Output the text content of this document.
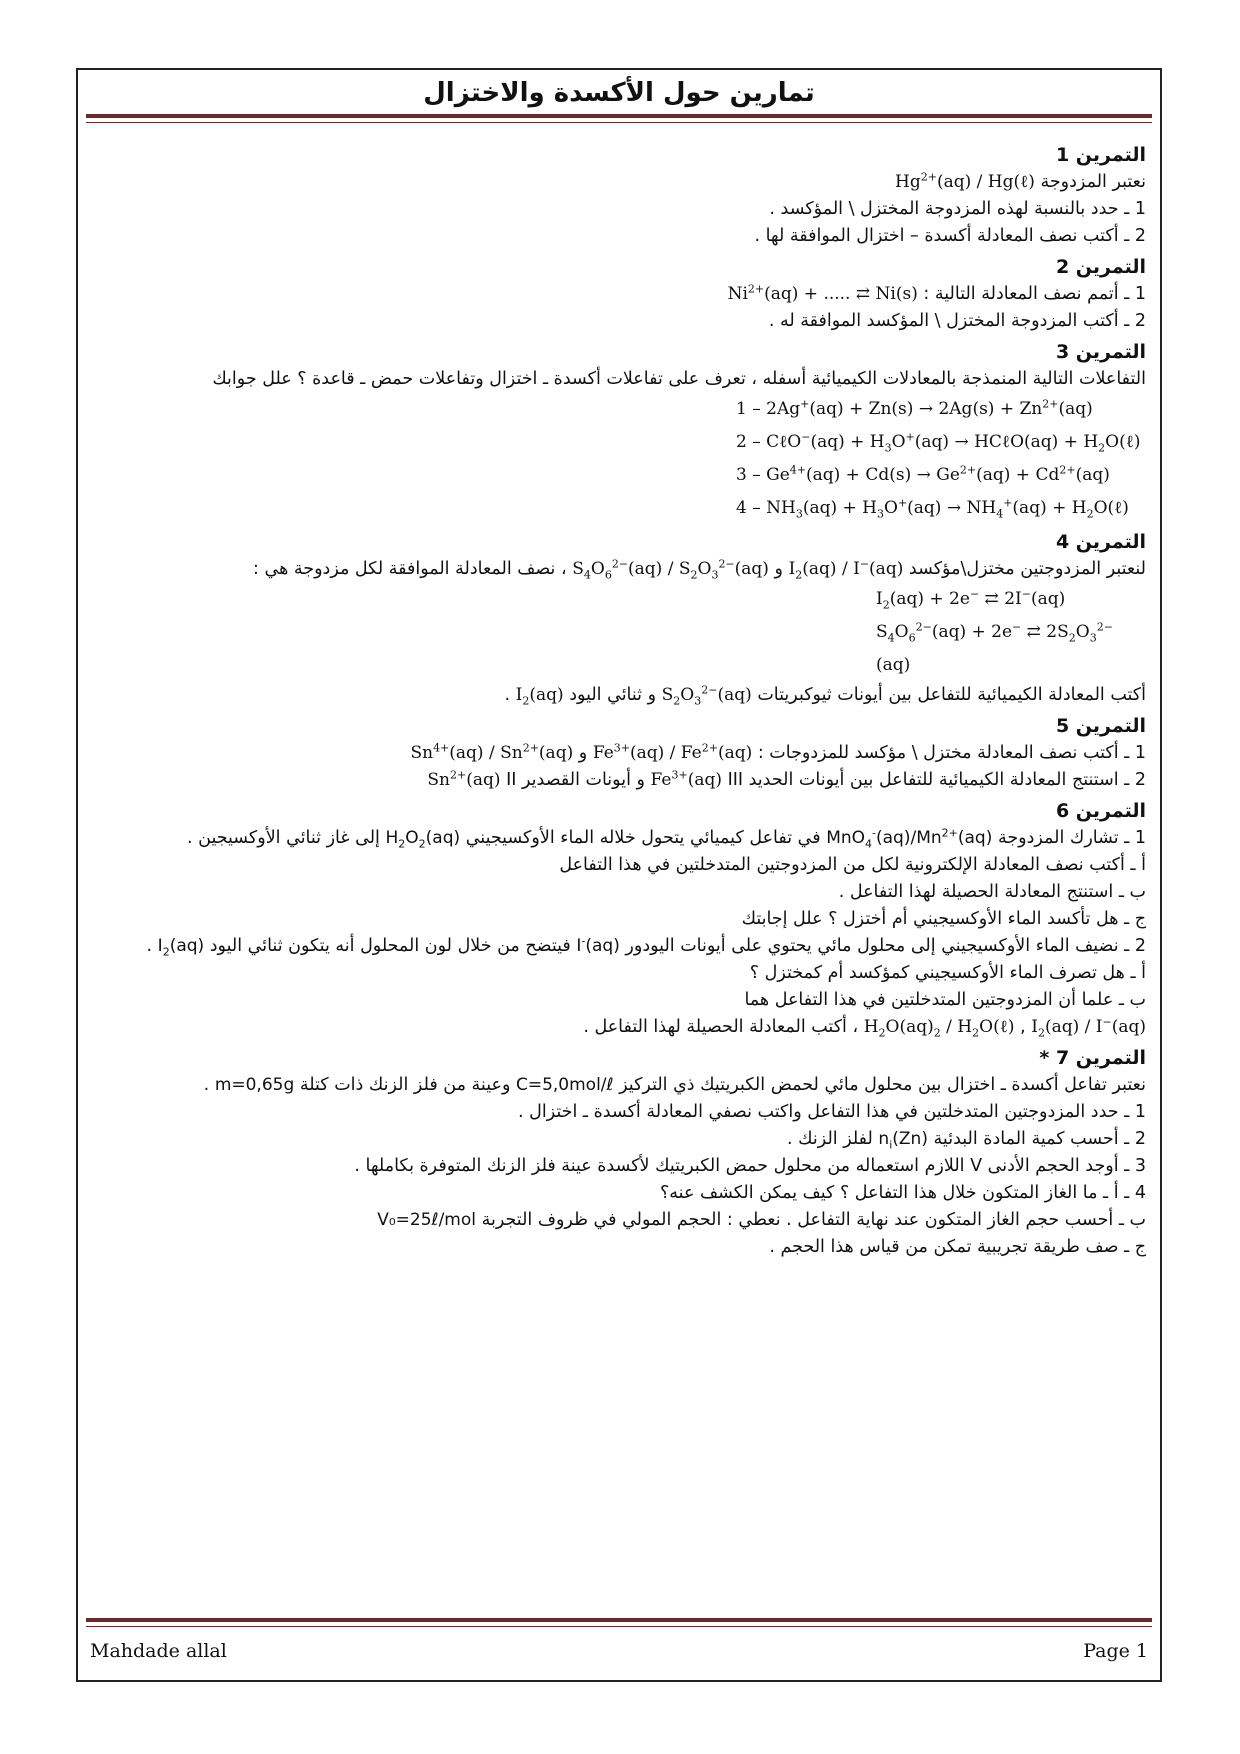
تمارين حول الأكسدة والاختزال
التمرين 1
نعتبر المزدوجة $Hg^{2+}(aq)$ / Hg(ℓ)
1 ـ حدد بالنسبة لهذه المزدوجة المختزل \ المؤكسد .
2 ـ أكتب نصف المعادلة أكسدة – اختزال الموافقة لها .
التمرين 2
1 ـ أتمم نصف المعادلة التالية : $Ni^{2+}(aq)$ + ..... ⇄ Ni(s)
2 ـ أكتب المزدوجة المختزل \ المؤكسد الموافقة له .
التمرين 3
التفاعلات التالية المنمذجة بالمعادلات الكيميائية أسفله ، تعرف على تفاعلات أكسدة ـ اختزال وتفاعلات حمض ـ قاعدة ؟ علل جوابك
$1 - 2Ag^+(aq) + Zn(s) \to 2Ag(s) + Zn^{2+}(aq)$
2 – CℓO−(aq) + $H_3O^+(aq)$ → HCℓO(aq) + $H_2O(\ell)$
$3 - Ge^{4+}(aq) + Cd(s) \to Ge^{2+}(aq) + Cd^{2+}(aq)$
$4 - NH_3(aq) + H_3O^+(aq) \to NH_4^+(aq)$ + $H_2O(\ell)$
التمرين 4
لنعتبر المزدوجتين مختزل\مؤكسد $I_2(aq) / I^-(aq)$ و $S_4O_6^{2-}(aq) / S_2O_3^{2-}(aq)$ ، نصف المعادلة الموافقة لكل مزدوجة هي :
$I_2(aq) + 2e^-$ ⇄ 2I−(aq)
$S_4O_6^{2-}(aq) + 2e^-$ ⇄ $2S_2O_3^{2-}(aq)$
أكتب المعادلة الكيميائية للتفاعل بين أيونات ثيوكبريتات $S_2O_3^{2-}(aq)$ و ثنائي اليود $I_2(aq)$ .
التمرين 5
1 ـ أكتب نصف المعادلة مختزل \ مؤكسد للمزدوجات : $Fe^{3+}(aq) / Fe^{2+}(aq)$ و $Sn^{4+}(aq) / Sn^{2+}(aq)$
2 ـ استنتج المعادلة الكيميائية للتفاعل بين أيونات الحديد III $Fe^{3+}(aq)$ و أيونات القصدير II $Sn^{2+}(aq)$
التمرين 6
1 ـ تشارك المزدوجة $MnO_4^-(aq)/Mn^{2+}(aq)$ في تفاعل كيميائي يتحول خلاله الماء الأوكسيجيني $H_2O_2(aq)$ إلى غاز ثنائي الأوكسيجين .
أ ـ أكتب نصف المعادلة الإلكترونية لكل من المزدوجتين المتدخلتين في هذا التفاعل
ب ـ استنتج المعادلة الحصيلة لهذا التفاعل .
ج ـ هل تأكسد الماء الأوكسيجيني أم أختزل ؟ علل إجابتك
2 ـ نضيف الماء الأوكسيجيني إلى محلول مائي يحتوي على أيونات اليودور I-(aq) فيتضح من خلال لون المحلول أنه يتكون ثنائي اليود $I_2(aq)$ .
أ ـ هل تصرف الماء الأوكسيجيني كمؤكسد أم كمختزل ؟
ب ـ علما أن المزدوجتين المتدخلتين في هذا التفاعل هما
$I_2(aq) / I^-(aq)$ , $H_2O(aq)_2$ / $H_2O(\ell)$ ، أكتب المعادلة الحصيلة لهذا التفاعل .
التمرين 7 *
نعتبر تفاعل أكسدة ـ اختزال بين محلول مائي لحمض الكبريتيك ذي التركيز C=5,0mol/ℓ وعينة من فلز الزنك ذات كتلة m=0,65g .
1 ـ حدد المزدوجتين المتدخلتين في هذا التفاعل واكتب نصفي المعادلة أكسدة ـ اختزال .
2 ـ أحسب كمية المادة البدئية $n_i(Zn)$ لفلز الزنك .
3 ـ أوجد الحجم الأدنى V اللازم استعماله من محلول حمض الكبريتيك لأكسدة عينة فلز الزنك المتوفرة بكاملها .
4 ـ أ ـ ما الغاز المتكون خلال هذا التفاعل ؟ كيف يمكن الكشف عنه؟
ب ـ أحسب حجم الغاز المتكون عند نهاية التفاعل . نعطي : الحجم المولي في ظروف التجربة V₀=25ℓ/mol
ج ـ صف طريقة تجريبية تمكن من قياس هذا الحجم .
Mahdade allal	Page 1
